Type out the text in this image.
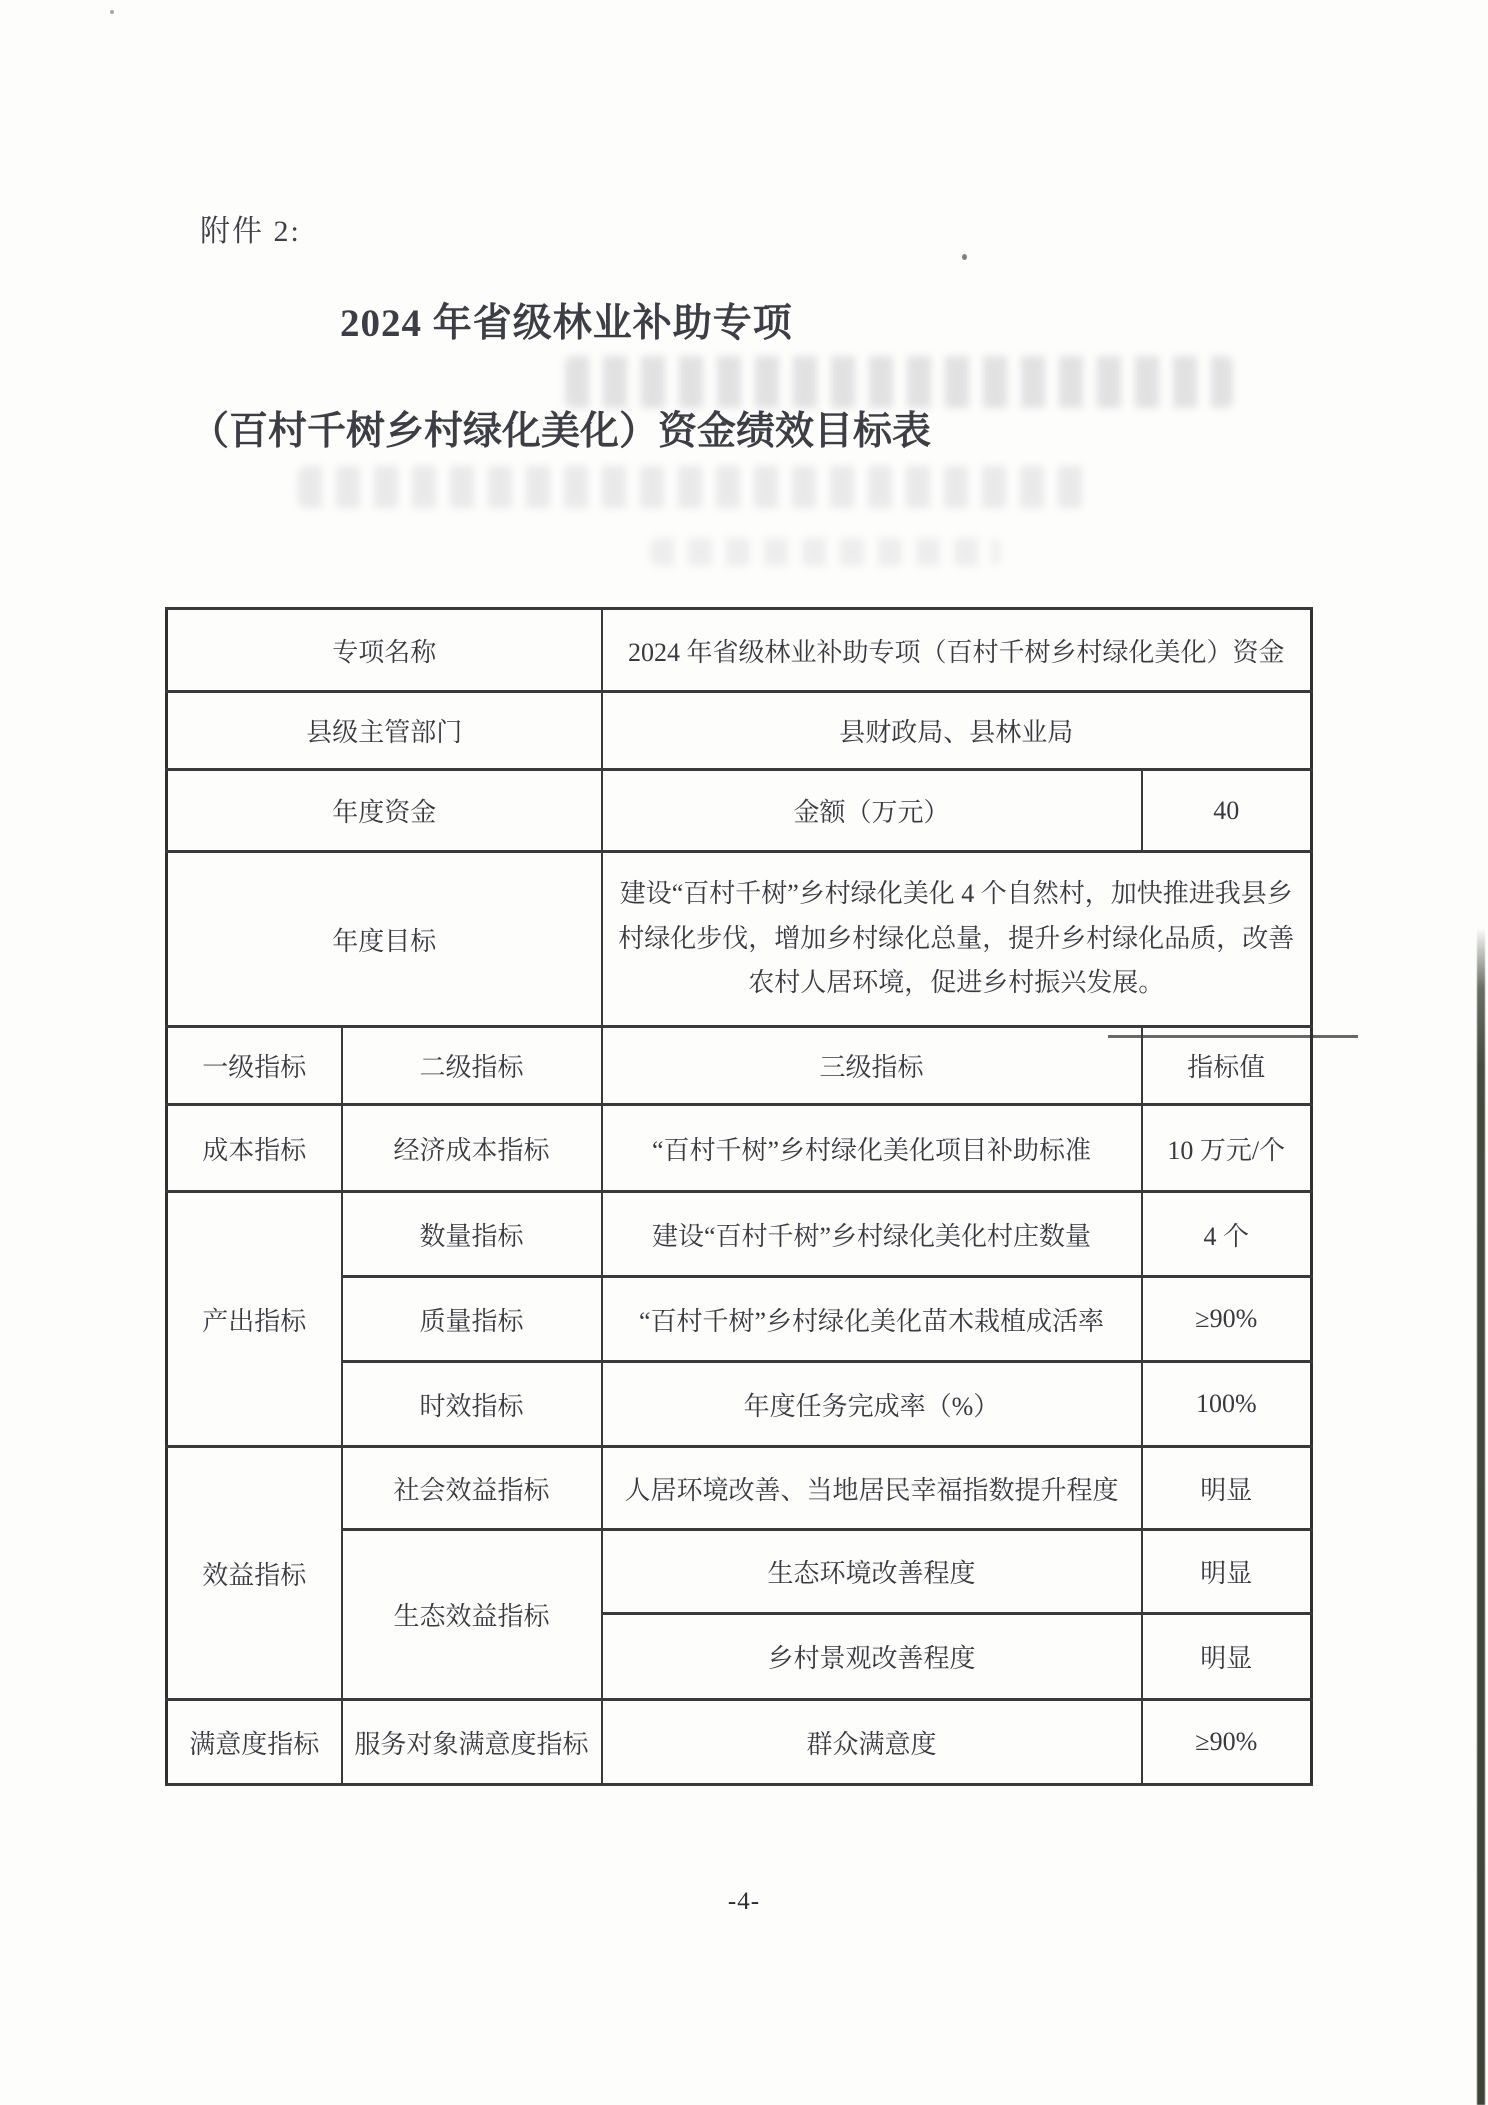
附件 2:
2024 年省级林业补助专项
（百村千树乡村绿化美化）资金绩效目标表
专项名称		2024 年省级林业补助专项（百村千树乡村绿化美化）资金	
县级主管部门		县财政局、县林业局	
年度资金		金额（万元）	40
年度目标		建设“百村千树”乡村绿化美化 4 个自然村，加快推进我县乡村绿化步伐，增加乡村绿化总量，提升乡村绿化品质，改善农村人居环境，促进乡村振兴发展。	
一级指标	二级指标	三级指标	指标值
成本指标	经济成本指标	“百村千树”乡村绿化美化项目补助标准	10 万元/个
产出指标	数量指标	建设“百村千树”乡村绿化美化村庄数量	4 个
	质量指标	“百村千树”乡村绿化美化苗木栽植成活率	≥90%
	时效指标	年度任务完成率（%）	100%
效益指标	社会效益指标	人居环境改善、当地居民幸福指数提升程度	明显
	生态效益指标	生态环境改善程度	明显
		乡村景观改善程度	明显
满意度指标	服务对象满意度指标	群众满意度	≥90%
-4-
